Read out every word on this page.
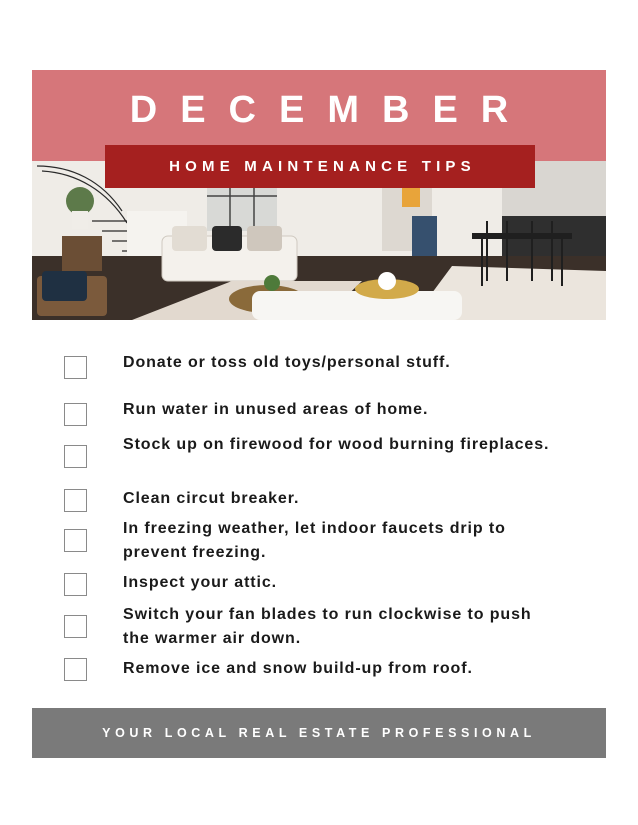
DECEMBER
HOME MAINTENANCE TIPS
Donate or toss old toys/personal stuff.
Run water in unused areas of home.
Stock up on firewood for wood burning fireplaces.
Clean circut breaker.
In freezing weather, let indoor faucets drip to prevent freezing.
Inspect your attic.
Switch your fan blades to run clockwise to push the warmer air down.
Remove ice and snow build-up from roof.
YOUR LOCAL REAL ESTATE PROFESSIONAL
